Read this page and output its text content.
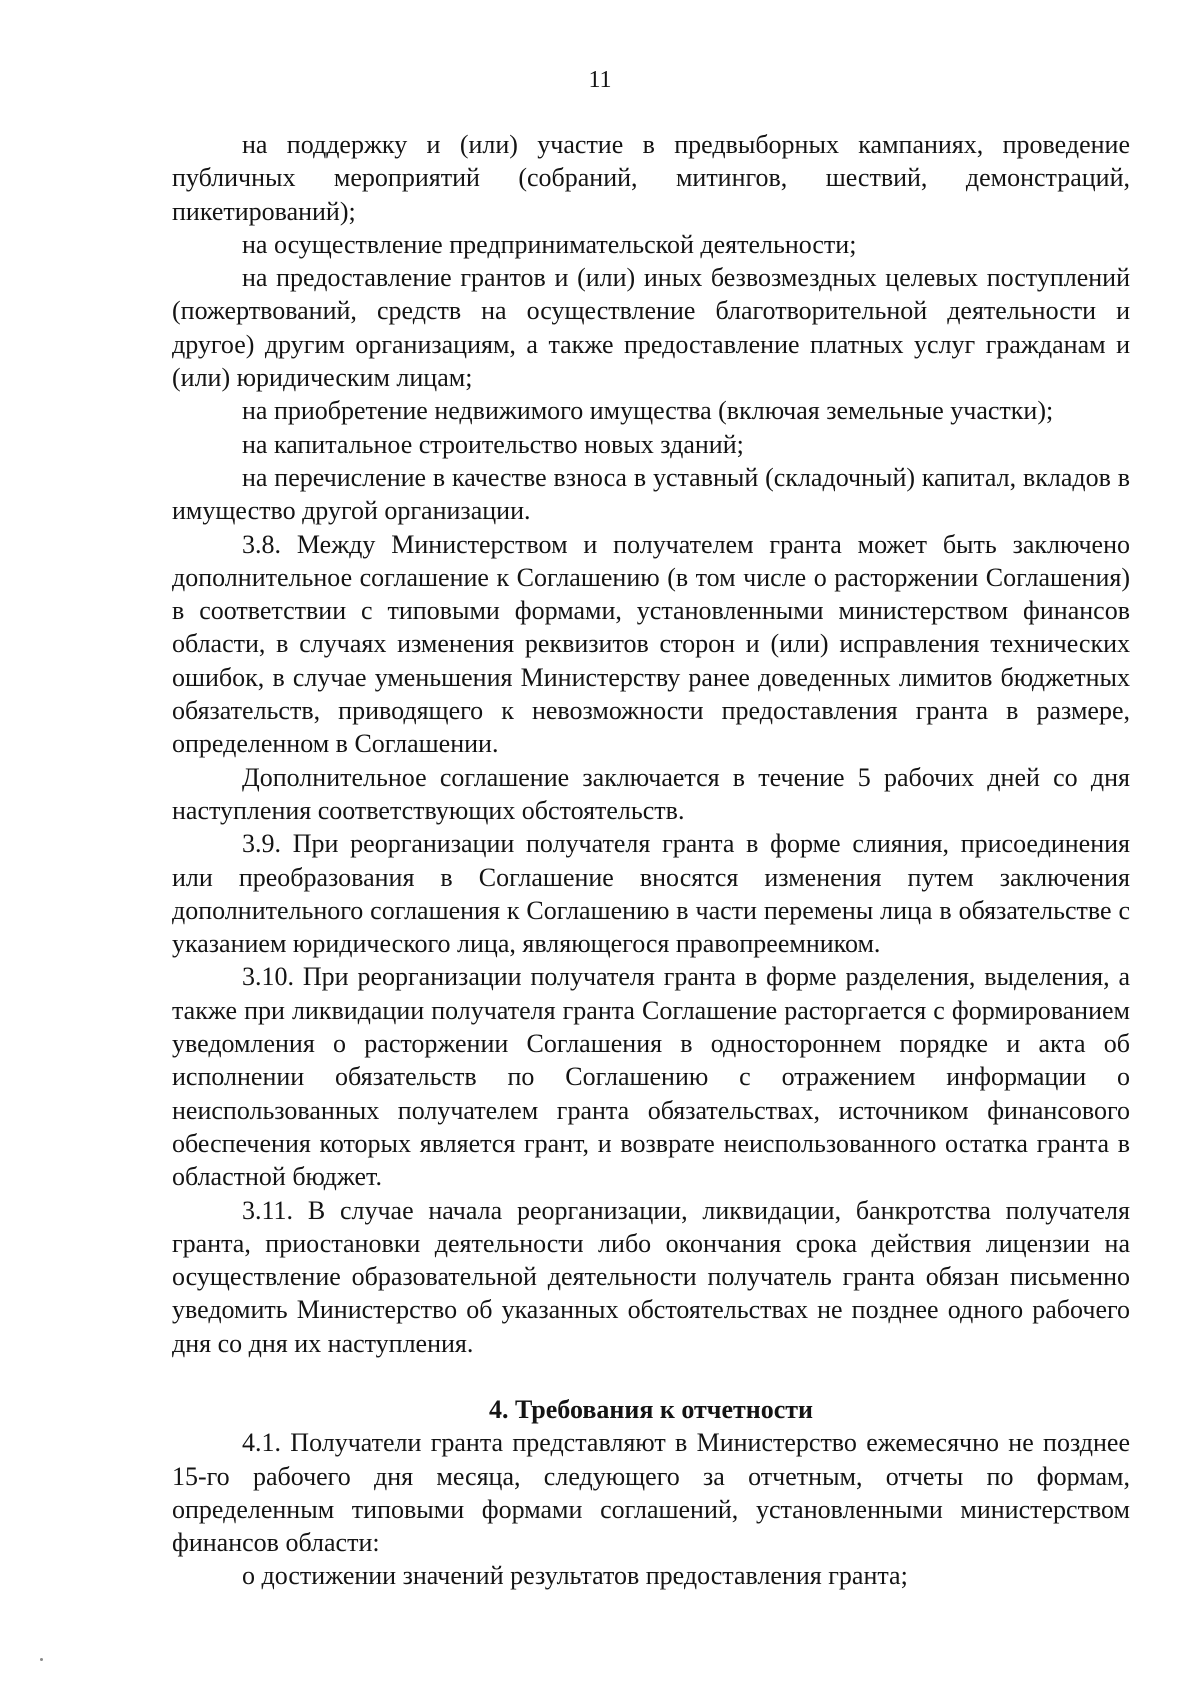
11

на поддержку и (или) участие в предвыборных кампаниях, проведение публичных мероприятий (собраний, митингов, шествий, демонстраций, пикетирований);

на осуществление предпринимательской деятельности;

на предоставление грантов и (или) иных безвозмездных целевых поступлений (пожертвований, средств на осуществление благотворительной деятельности и другое) другим организациям, а также предоставление платных услуг гражданам и (или) юридическим лицам;

на приобретение недвижимого имущества (включая земельные участки);

на капитальное строительство новых зданий;

на перечисление в качестве взноса в уставный (складочный) капитал, вкладов в имущество другой организации.

3.8. Между Министерством и получателем гранта может быть заключено дополнительное соглашение к Соглашению (в том числе о расторжении Соглашения) в соответствии с типовыми формами, установленными министерством финансов области, в случаях изменения реквизитов сторон и (или) исправления технических ошибок, в случае уменьшения Министерству ранее доведенных лимитов бюджетных обязательств, приводящего к невозможности предоставления гранта в размере, определенном в Соглашении.

Дополнительное соглашение заключается в течение 5 рабочих дней со дня наступления соответствующих обстоятельств.

3.9. При реорганизации получателя гранта в форме слияния, присоединения или преобразования в Соглашение вносятся изменения путем заключения дополнительного соглашения к Соглашению в части перемены лица в обязательстве с указанием юридического лица, являющегося правопреемником.

3.10. При реорганизации получателя гранта в форме разделения, выделения, а также при ликвидации получателя гранта Соглашение расторгается с формированием уведомления о расторжении Соглашения в одностороннем порядке и акта об исполнении обязательств по Соглашению с отражением информации о неиспользованных получателем гранта обязательствах, источником финансового обеспечения которых является грант, и возврате неиспользованного остатка гранта в областной бюджет.

3.11. В случае начала реорганизации, ликвидации, банкротства получателя гранта, приостановки деятельности либо окончания срока действия лицензии на осуществление образовательной деятельности получатель гранта обязан письменно уведомить Министерство об указанных обстоятельствах не позднее одного рабочего дня со дня их наступления.

4. Требования к отчетности

4.1. Получатели гранта представляют в Министерство ежемесячно не позднее 15-го рабочего дня месяца, следующего за отчетным, отчеты по формам, определенным типовыми формами соглашений, установленными министерством финансов области:

о достижении значений результатов предоставления гранта;
